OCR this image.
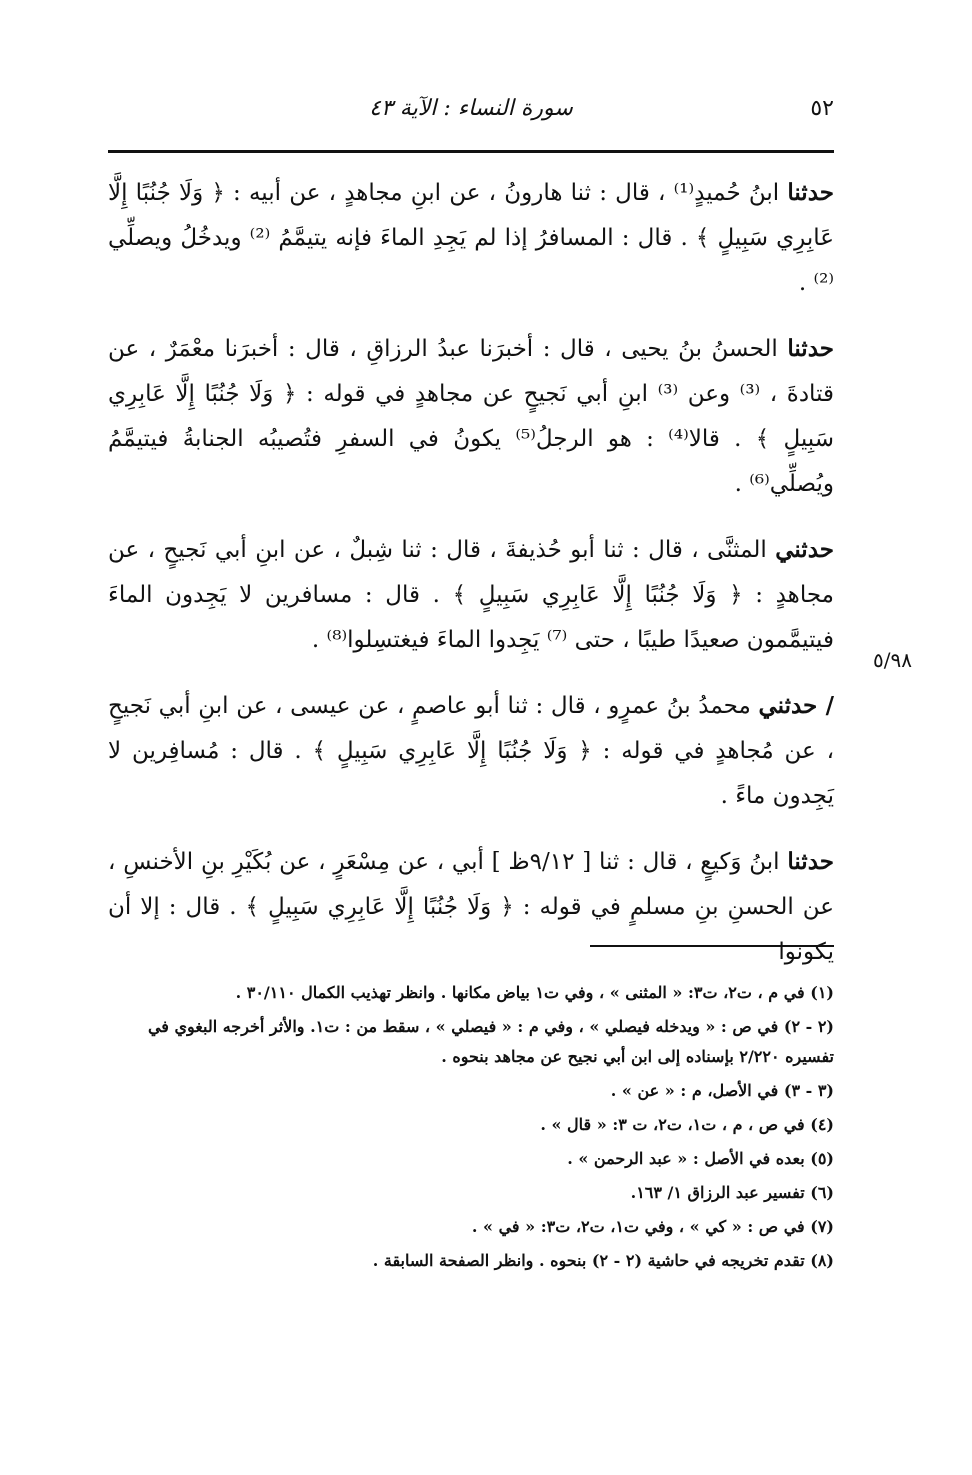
٥٢
سورة النساء : الآية ٤٣
٥/٩٨

حدثنا ابنُ حُميدٍ⁽¹⁾ ، قال : ثنا هارونُ ، عن ابنِ مجاهدٍ ، عن أبيه : ﴿ وَلَا جُنُبًا إِلَّا عَابِرِي سَبِيلٍ ﴾ . قال : المسافرُ إذا لم يَجِدِ الماءَ فإنه يتيمَّمُ ⁽²⁾ ويدخُلُ ويصلِّي ⁽²⁾ .

حدثنا الحسنُ بنُ يحيى ، قال : أخبرَنا عبدُ الرزاقِ ، قال : أخبرَنا معْمَرٌ ، عن قتادةَ ، ⁽³⁾ وعن ⁽³⁾ ابنِ أبي نَجيحٍ عن مجاهدٍ في قوله : ﴿ وَلَا جُنُبًا إِلَّا عَابِرِي سَبِيلٍ ﴾ . قالا⁽⁴⁾ : هو الرجلُ⁽⁵⁾ يكونُ في السفرِ فتُصيبُه الجنابةُ فيتيمَّمُ ويُصلِّي⁽⁶⁾ .

حدثني المثنَّى ، قال : ثنا أبو حُذيفةَ ، قال : ثنا شِبلٌ ، عن ابنِ أبي نَجيحٍ ، عن مجاهدٍ : ﴿ وَلَا جُنُبًا إِلَّا عَابِرِي سَبِيلٍ ﴾ . قال : مسافرين لا يَجِدون الماءَ فيتيمَّمون صعيدًا طيبًا ، حتى ⁽⁷⁾ يَجِدوا الماءَ فيغتسِلوا⁽⁸⁾ .

/ حدثني محمدُ بنُ عمرٍو ، قال : ثنا أبو عاصمٍ ، عن عيسى ، عن ابنِ أبي نَجيحٍ ، عن مُجاهدٍ في قوله : ﴿ وَلَا جُنُبًا إِلَّا عَابِرِي سَبِيلٍ ﴾ . قال : مُسافِرين لا يَجِدون ماءً .

حدثنا ابنُ وَكيعٍ ، قال : ثنا [ ٩/١٢ظ ] أبي ، عن مِسْعَرٍ ، عن بُكَيْرِ بنِ الأخنسِ ، عن الحسنِ بنِ مسلمٍ في قوله : ﴿ وَلَا جُنُبًا إِلَّا عَابِرِي سَبِيلٍ ﴾ . قال : إلا أن يكونوا

(١) في م ، ت٢، ت٣: « المثنى » ، وفي ت١ بياض مكانها . وانظر تهذيب الكمال ٣٠/١١٠ .

(٢ - ٢) في ص : « ويدخله فيصلي » ، وفي م : « فيصلي » ، سقط من : ت١. والأثر أخرجه البغوي في تفسيره ٢/٢٢٠ بإسناده إلى ابن أبي نجيح عن مجاهد بنحوه .

(٣ - ٣) في الأصل، م : « عن » .

(٤) في ص ، م ، ت١، ت٢، ت ٣: « قال » .

(٥) بعده في الأصل : « عبد الرحمن » .

(٦) تفسير عبد الرزاق ١/ ١٦٣.

(٧) في ص : « كي » ، وفي ت١، ت٢، ت٣: « في » .

(٨) تقدم تخريجه في حاشية (٢ - ٢) بنحوه . وانظر الصفحة السابقة .
